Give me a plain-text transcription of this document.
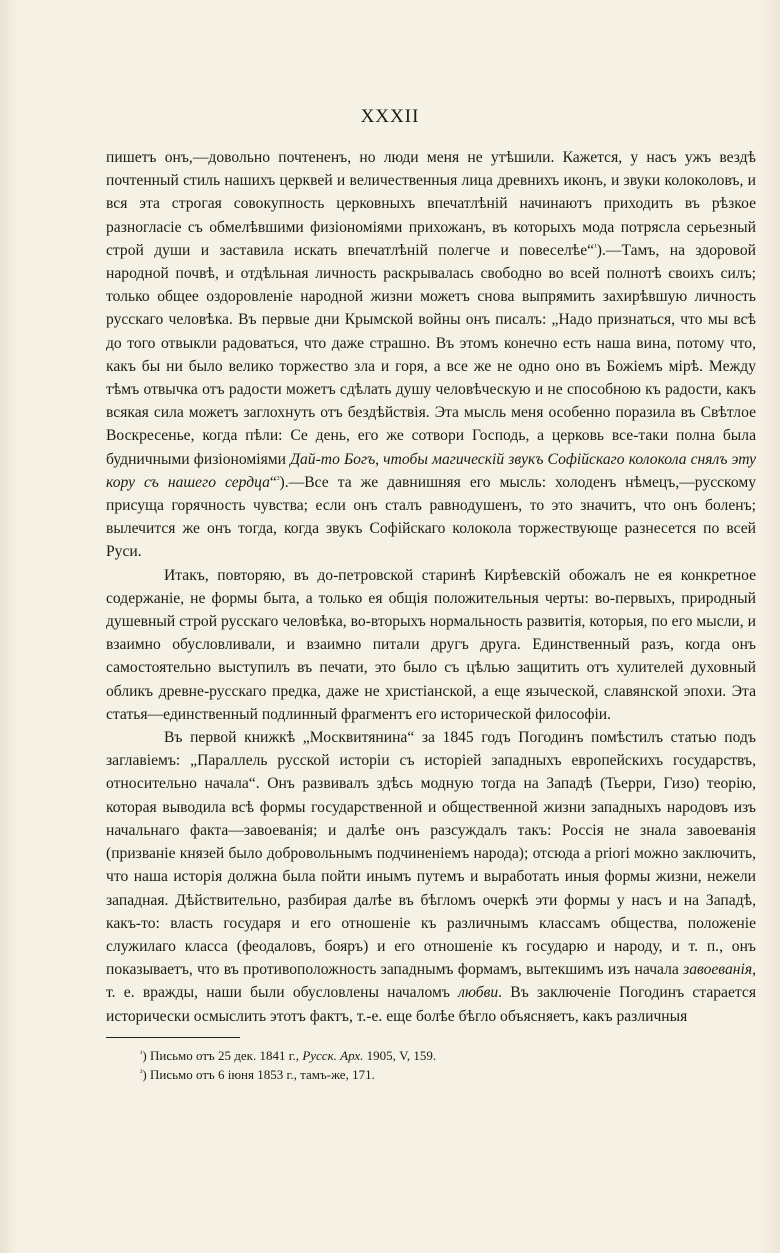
XXXII

пишетъ онъ,—довольно почтененъ, но люди меня не утѣшили. Кажется, у насъ ужъ вездѣ почтенный стиль нашихъ церквей и величественныя лица древнихъ иконъ, и звуки колоколовъ, и вся эта строгая совокупность церковныхъ впечатлѣній начинаютъ приходить въ рѣзкое разногласіе съ обмелѣвшими физіономіями прихожанъ, въ которыхъ мода потрясла серьезный строй души и заставила искать впечатлѣній полегче и повеселѣе“$^{^1}$).—Тамъ, на здоровой народной почвѣ, и отдѣльная личность раскрывалась свободно во всей полнотѣ своихъ силъ; только общее оздоровленіе народной жизни можетъ снова выпрямить захирѣвшую личность русскаго человѣка. Въ первые дни Крымской войны онъ писалъ: „Надо признаться, что мы всѣ до того отвыкли радоваться, что даже страшно. Въ этомъ конечно есть наша вина, потому что, какъ бы ни было велико торжество зла и горя, а все же не одно оно въ Божіемъ мірѣ. Между тѣмъ отвычка отъ радости можетъ сдѣлать душу человѣческую и не способною къ радости, какъ всякая сила можетъ заглохнуть отъ бездѣйствія. Эта мысль меня особенно поразила въ Свѣтлое Воскресенье, когда пѣли: Се день, его же сотвори Господь, а церковь все-таки полна была будничными физіономіями Дай-то Богъ, чтобы магическій звукъ Софійскаго колокола снялъ эту кору съ нашего сердца“$^{^2}$).—Все та же давнишняя его мысль: холоденъ нѣмецъ,—русскому присуща горячность чувства; если онъ сталъ равнодушенъ, то это значитъ, что онъ боленъ; вылечится же онъ тогда, когда звукъ Софійскаго колокола торжествующе разнесется по всей Руси.

Итакъ, повторяю, въ до-петровской старинѣ Кирѣевскій обожалъ не ея конкретное содержаніе, не формы быта, а только ея общія положительныя черты: во-первыхъ, природный душевный строй русскаго человѣка, во-вторыхъ нормальность развитія, которыя, по его мысли, и взаимно обусловливали, и взаимно питали другъ друга. Единственный разъ, когда онъ самостоятельно выступилъ въ печати, это было съ цѣлью защитить отъ хулителей духовный обликъ древне-русскаго предка, даже не христіанской, а еще языческой, славянской эпохи. Эта статья—единственный подлинный фрагментъ его исторической философіи.

Въ первой книжкѣ „Москвитянина“ за 1845 годъ Погодинъ помѣстилъ статью подъ заглавіемъ: „Параллель русской исторіи съ исторіей западныхъ европейскихъ государствъ, относительно начала“. Онъ развивалъ здѣсь модную тогда на Западѣ (Тьерри, Гизо) теорію, которая выводила всѣ формы государственной и общественной жизни западныхъ народовъ изъ начальнаго факта—завоеванія; и далѣе онъ разсуждалъ такъ: Россія не знала завоеванія (призваніе князей было добровольнымъ подчиненіемъ народа); отсюда a priori можно заключить, что наша исторія должна была пойти инымъ путемъ и выработать иныя формы жизни, нежели западная. Дѣйствительно, разбирая далѣе въ бѣгломъ очеркѣ эти формы у насъ и на Западѣ, какъ-то: власть государя и его отношеніе къ различнымъ классамъ общества, положеніе служилаго класса (феодаловъ, бояръ) и его отношеніе къ государю и народу, и т. п., онъ показываетъ, что въ противоположность западнымъ формамъ, вытекшимъ изъ начала завоеванія, т. е. вражды, наши были обусловлены началомъ любви. Въ заключеніе Погодинъ старается исторически осмыслить этотъ фактъ, т.-е. еще болѣе бѣгло объясняетъ, какъ различныя

$^{^1}$) Письмо отъ 25 дек. 1841 г., Русск. Арх. 1905, V, 159.
$^{^2}$) Письмо отъ 6 іюня 1853 г., тамъ-же, 171.
